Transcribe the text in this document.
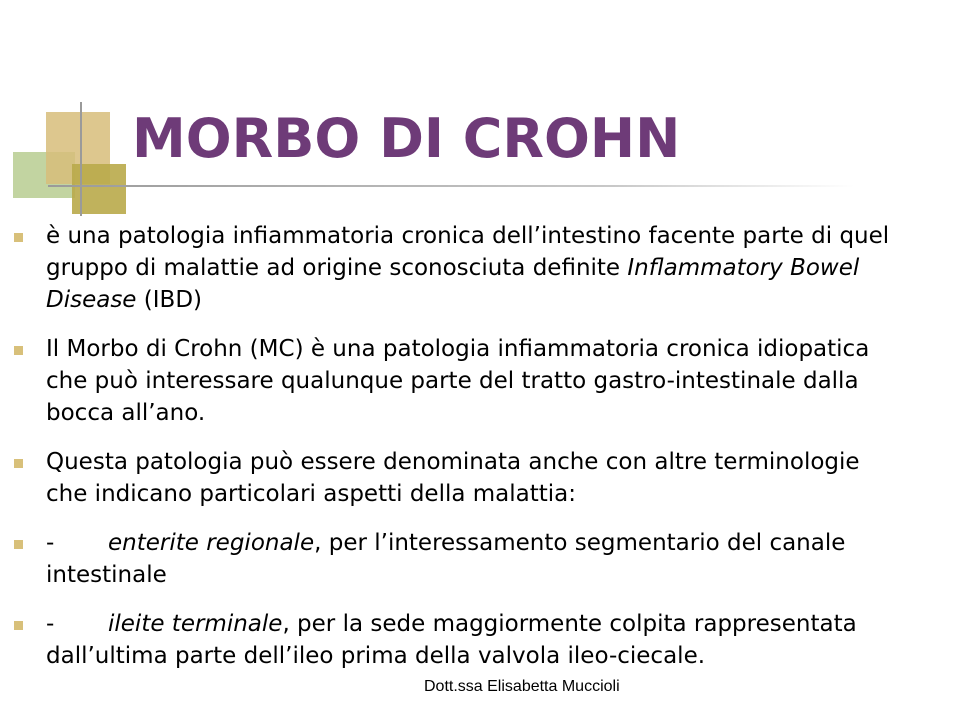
MORBO DI CROHN
è una patologia infiammatoria cronica dell’intestino facente parte di quel gruppo di malattie ad origine sconosciuta definite Inflammatory Bowel Disease (IBD)
Il Morbo di Crohn (MC) è una patologia infiammatoria cronica idiopatica che può interessare qualunque parte del tratto gastro-intestinale dalla bocca all’ano.
Questa patologia può essere denominata anche con altre terminologie che indicano particolari aspetti della malattia:
- enterite regionale, per l’interessamento segmentario del canale intestinale
- ileite terminale, per la sede maggiormente colpita rappresentata dall’ultima parte dell’ileo prima della valvola ileo-ciecale.
Dott.ssa Elisabetta Muccioli
